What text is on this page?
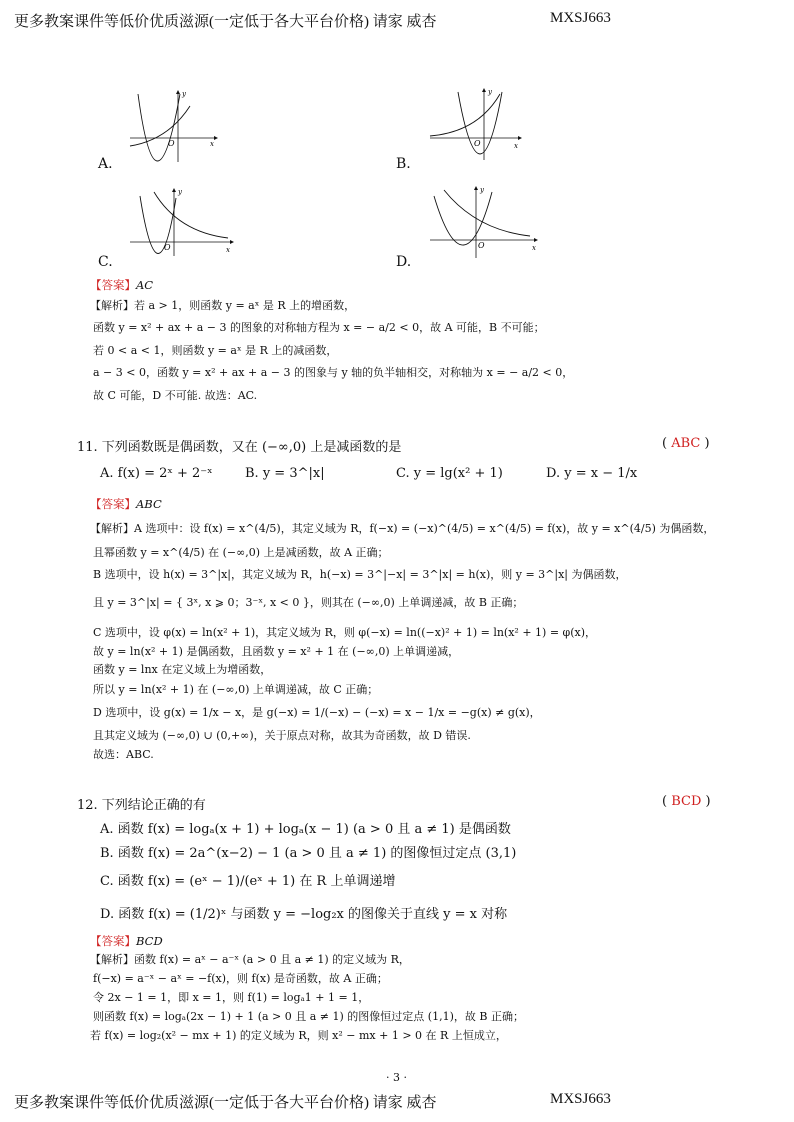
更多教案课件等低价优质滋源(一定低于各大平台价格) 请家 威杏	MXSJ663
O	x
y
A.
O	x
y
B.
O	x
y
C.
O	x
y
D.
【答案】AC
【解析】若 a > 1，则函数 y = aˣ 是 R 上的增函数，
函数 y = x² + ax + a − 3 的图象的对称轴方程为 x = − a/2 < 0，故 A 可能，B 不可能；
若 0 < a < 1，则函数 y = aˣ 是 R 上的减函数，
a − 3 < 0，函数 y = x² + ax + a − 3 的图象与 y 轴的负半轴相交，对称轴为 x = − a/2 < 0，
故 C 可能，D 不可能. 故选：AC.
11. 下列函数既是偶函数，又在 (−∞,0) 上是减函数的是	( ABC )
A. f(x) = 2ˣ + 2⁻ˣ B. y = 3^|x|	C. y = lg(x² + 1)	D. y = x − 1/x
【答案】ABC
【解析】A 选项中：设 f(x) = x^(4/5)，其定义域为 R，f(−x) = (−x)^(4/5) = x^(4/5) = f(x)，故 y = x^(4/5) 为偶函数，
且幂函数 y = x^(4/5) 在 (−∞,0) 上是减函数，故 A 正确；
B 选项中，设 h(x) = 3^|x|，其定义域为 R，h(−x) = 3^|−x| = 3^|x| = h(x)，则 y = 3^|x| 为偶函数，
且 y = 3^|x| = { 3ˣ, x ⩾ 0；3⁻ˣ, x < 0 }，则其在 (−∞,0) 上单调递减，故 B 正确；
C 选项中，设 φ(x) = ln(x² + 1)，其定义域为 R，则 φ(−x) = ln((−x)² + 1) = ln(x² + 1) = φ(x)，
故 y = ln(x² + 1) 是偶函数，且函数 y = x² + 1 在 (−∞,0) 上单调递减，
函数 y = lnx 在定义域上为增函数，
所以 y = ln(x² + 1) 在 (−∞,0) 上单调递减，故 C 正确；
D 选项中，设 g(x) = 1/x − x，是 g(−x) = 1/(−x) − (−x) = x − 1/x = −g(x) ≠ g(x)，
且其定义域为 (−∞,0) ∪ (0,+∞)，关于原点对称，故其为奇函数，故 D 错误.
故选：ABC.
12. 下列结论正确的有	( BCD )
A. 函数 f(x) = logₐ(x + 1) + logₐ(x − 1) (a > 0 且 a ≠ 1) 是偶函数
B. 函数 f(x) = 2a^(x−2) − 1 (a > 0 且 a ≠ 1) 的图像恒过定点 (3,1)
C. 函数 f(x) = (eˣ − 1)/(eˣ + 1) 在 R 上单调递增
D. 函数 f(x) = (1/2)ˣ 与函数 y = −log₂x 的图像关于直线 y = x 对称
【答案】BCD
【解析】函数 f(x) = aˣ − a⁻ˣ (a > 0 且 a ≠ 1) 的定义域为 R，
f(−x) = a⁻ˣ − aˣ = −f(x)，则 f(x) 是奇函数，故 A 正确；
令 2x − 1 = 1，即 x = 1，则 f(1) = logₐ1 + 1 = 1，
则函数 f(x) = logₐ(2x − 1) + 1 (a > 0 且 a ≠ 1) 的图像恒过定点 (1,1)，故 B 正确；
若 f(x) = log₂(x² − mx + 1) 的定义域为 R，则 x² − mx + 1 > 0 在 R 上恒成立，
· 3 ·
更多教案课件等低价优质滋源(一定低于各大平台价格) 请家 威杏	MXSJ663
